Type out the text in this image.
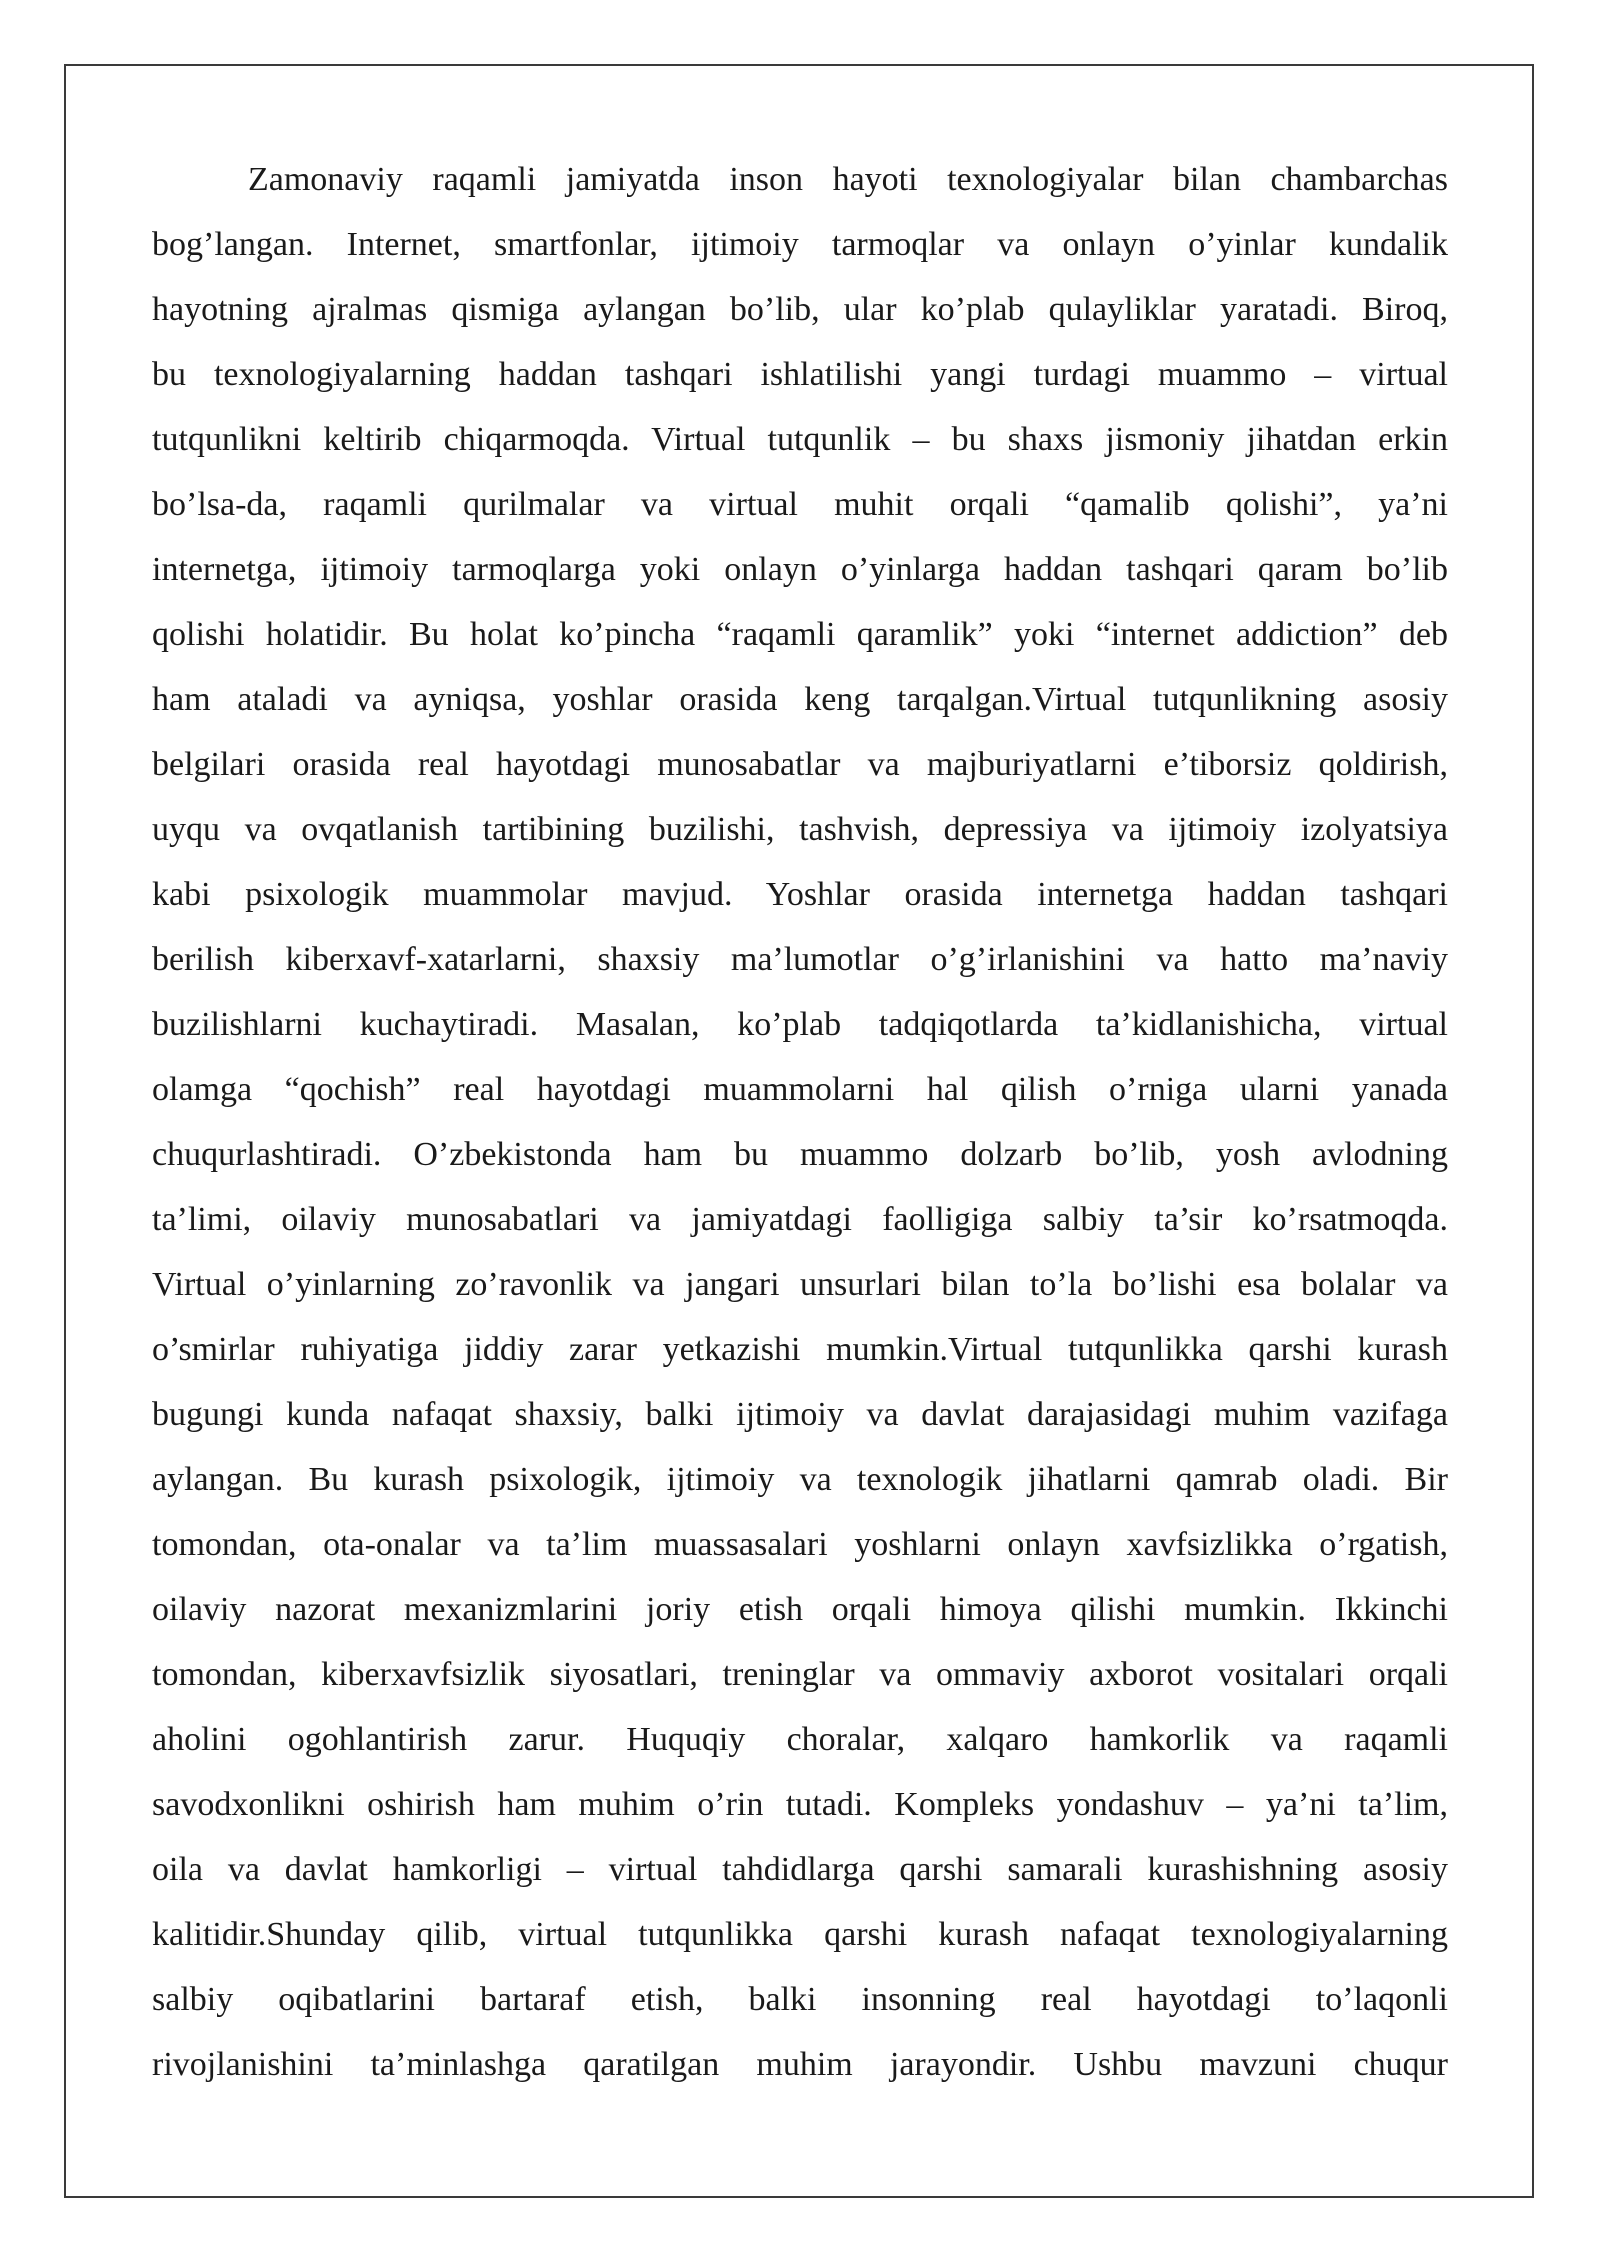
Zamonaviy raqamli jamiyatda inson hayoti texnologiyalar bilan chambarchas
bog’langan. Internet, smartfonlar, ijtimoiy tarmoqlar va onlayn o’yinlar kundalik
hayotning ajralmas qismiga aylangan bo’lib, ular ko’plab qulayliklar yaratadi. Biroq,
bu texnologiyalarning haddan tashqari ishlatilishi yangi turdagi muammo – virtual
tutqunlikni keltirib chiqarmoqda. Virtual tutqunlik – bu shaxs jismoniy jihatdan erkin
bo’lsa-da, raqamli qurilmalar va virtual muhit orqali “qamalib qolishi”, ya’ni
internetga, ijtimoiy tarmoqlarga yoki onlayn o’yinlarga haddan tashqari qaram bo’lib
qolishi holatidir. Bu holat ko’pincha “raqamli qaramlik” yoki “internet addiction” deb
ham ataladi va ayniqsa, yoshlar orasida keng tarqalgan.Virtual tutqunlikning asosiy
belgilari orasida real hayotdagi munosabatlar va majburiyatlarni e’tiborsiz qoldirish,
uyqu va ovqatlanish tartibining buzilishi, tashvish, depressiya va ijtimoiy izolyatsiya
kabi psixologik muammolar mavjud. Yoshlar orasida internetga haddan tashqari
berilish kiberxavf-xatarlarni, shaxsiy ma’lumotlar o’g’irlanishini va hatto ma’naviy
buzilishlarni kuchaytiradi. Masalan, ko’plab tadqiqotlarda ta’kidlanishicha, virtual
olamga “qochish” real hayotdagi muammolarni hal qilish o’rniga ularni yanada
chuqurlashtiradi. O’zbekistonda ham bu muammo dolzarb bo’lib, yosh avlodning
ta’limi, oilaviy munosabatlari va jamiyatdagi faolligiga salbiy ta’sir ko’rsatmoqda.
Virtual o’yinlarning zo’ravonlik va jangari unsurlari bilan to’la bo’lishi esa bolalar va
o’smirlar ruhiyatiga jiddiy zarar yetkazishi mumkin.Virtual tutqunlikka qarshi kurash
bugungi kunda nafaqat shaxsiy, balki ijtimoiy va davlat darajasidagi muhim vazifaga
aylangan. Bu kurash psixologik, ijtimoiy va texnologik jihatlarni qamrab oladi. Bir
tomondan, ota-onalar va ta’lim muassasalari yoshlarni onlayn xavfsizlikka o’rgatish,
oilaviy nazorat mexanizmlarini joriy etish orqali himoya qilishi mumkin. Ikkinchi
tomondan, kiberxavfsizlik siyosatlari, treninglar va ommaviy axborot vositalari orqali
aholini ogohlantirish zarur. Huquqiy choralar, xalqaro hamkorlik va raqamli
savodxonlikni oshirish ham muhim o’rin tutadi. Kompleks yondashuv – ya’ni ta’lim,
oila va davlat hamkorligi – virtual tahdidlarga qarshi samarali kurashishning asosiy
kalitidir.Shunday qilib, virtual tutqunlikka qarshi kurash nafaqat texnologiyalarning
salbiy oqibatlarini bartaraf etish, balki insonning real hayotdagi to’laqonli
rivojlanishini ta’minlashga qaratilgan muhim jarayondir. Ushbu mavzuni chuqur
